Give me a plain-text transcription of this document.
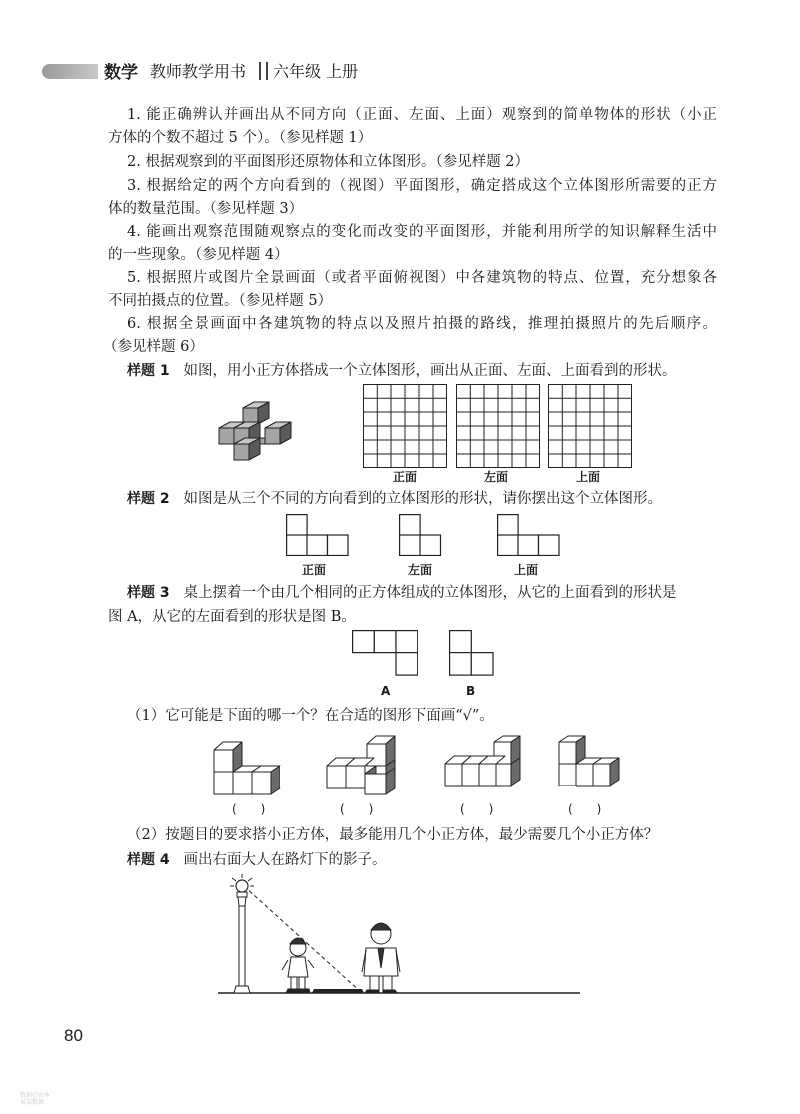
数学 教师教学用书 六年级 上册
1. 能正确辨认并画出从不同方向（正面、左面、上面）观察到的简单物体的形状（小正
方体的个数不超过 5 个）。（参见样题 1）
2. 根据观察到的平面图形还原物体和立体图形。（参见样题 2）
3. 根据给定的两个方向看到的（视图）平面图形，确定搭成这个立体图形所需要的正方
体的数量范围。（参见样题 3）
4. 能画出观察范围随观察点的变化而改变的平面图形，并能利用所学的知识解释生活中
的一些现象。（参见样题 4）
5. 根据照片或图片全景画面（或者平面俯视图）中各建筑物的特点、位置，充分想象各
不同拍摄点的位置。（参见样题 5）
6. 根据全景画面中各建筑物的特点以及照片拍摄的路线，推理拍摄照片的先后顺序。
（参见样题 6）
样题 1 如图，用小正方体搭成一个立体图形，画出从正面、左面、上面看到的形状。
正面	左面	上面
样题 2 如图是从三个不同的方向看到的立体图形的形状，请你摆出这个立体图形。
正面	左面	上面
样题 3 桌上摆着一个由几个相同的正方体组成的立体图形，从它的上面看到的形状是
图 A，从它的左面看到的形状是图 B。
A	B
（1）它可能是下面的哪一个？在合适的图形下面画“√”。
(　　)	(　　)	(　　)	(　　)
（2）按题目的要求搭小正方体，最多能用几个小正方体，最少需要几个小正方体？
样题 4 画出右面大人在路灯下的影子。
80
数据已由本
某某数据
